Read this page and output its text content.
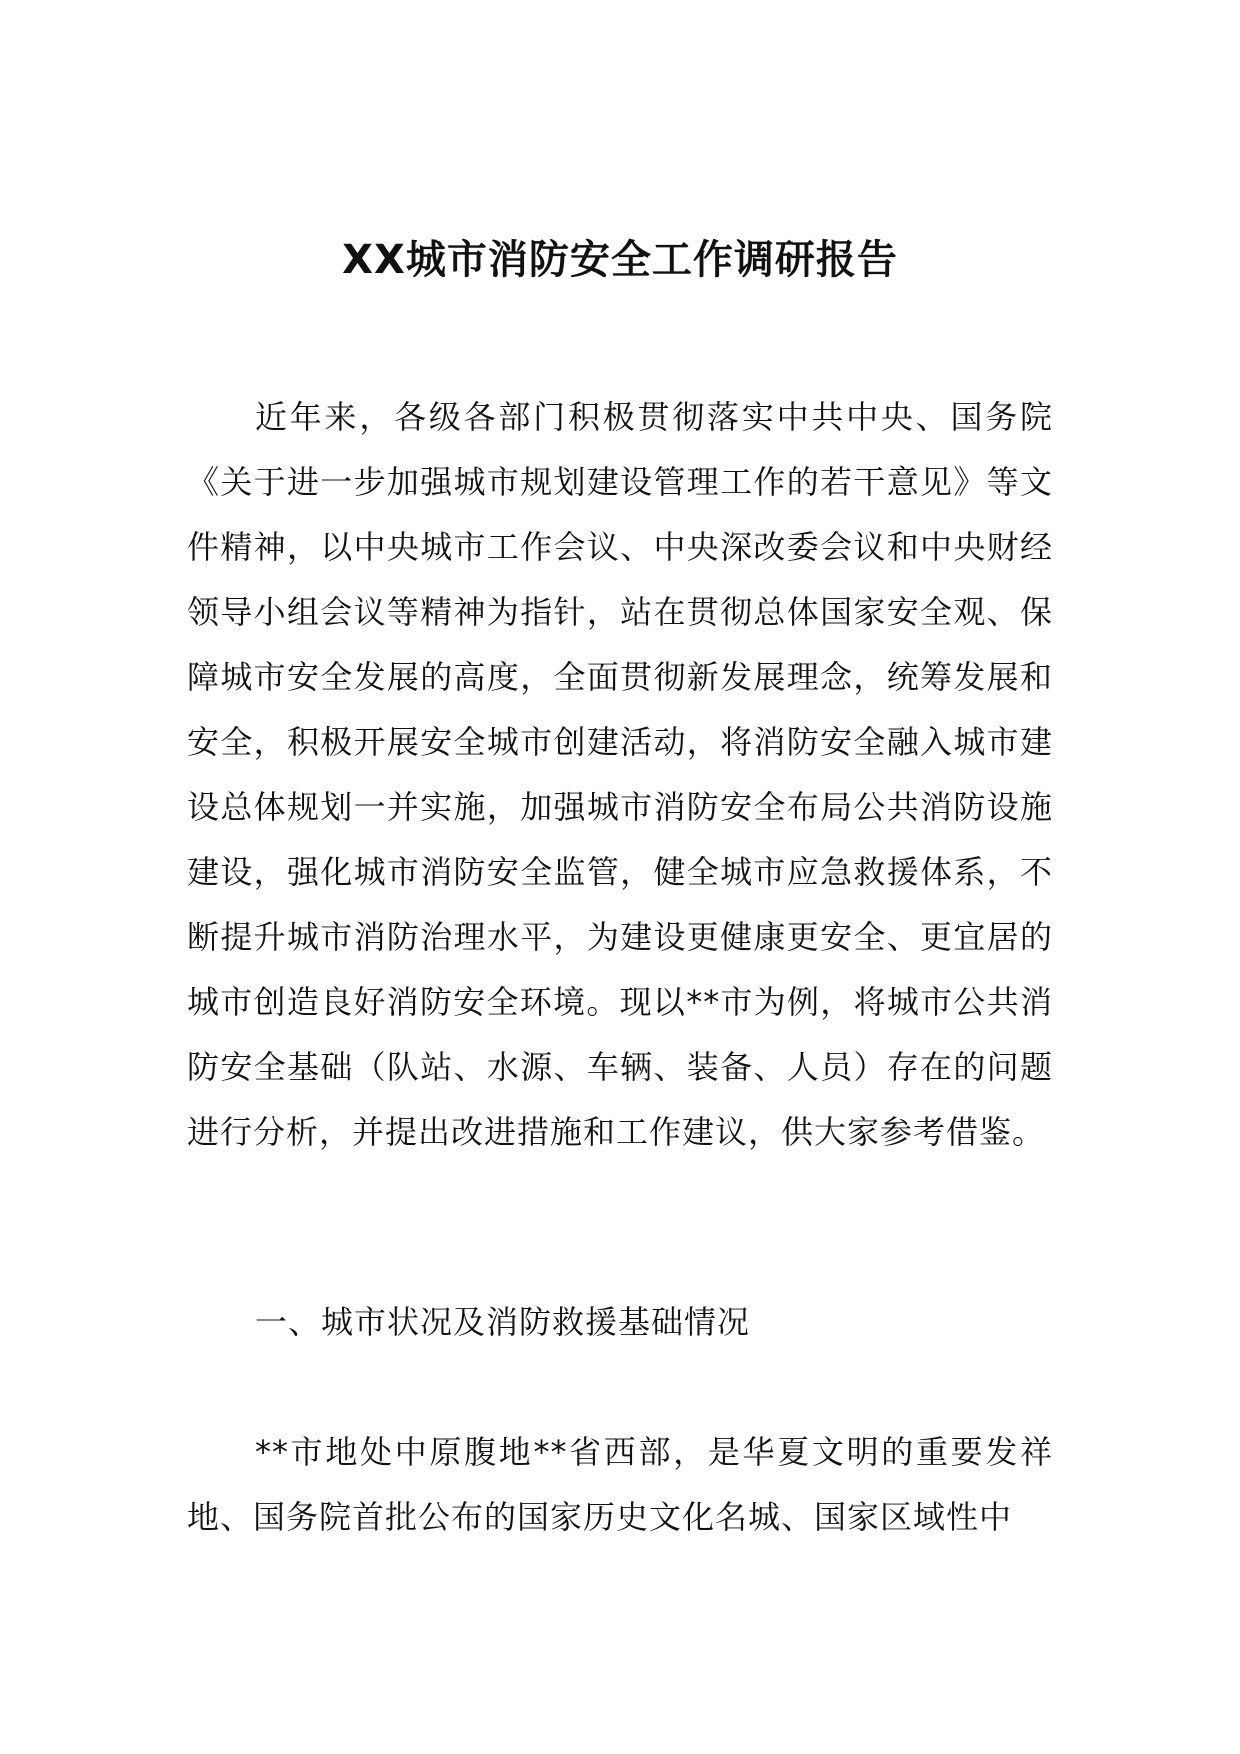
XX城市消防安全工作调研报告

近年来，各级各部门积极贯彻落实中共中央、国务院《关于进一步加强城市规划建设管理工作的若干意见》等文件精神，以中央城市工作会议、中央深改委会议和中央财经领导小组会议等精神为指针，站在贯彻总体国家安全观、保障城市安全发展的高度，全面贯彻新发展理念，统筹发展和安全，积极开展安全城市创建活动，将消防安全融入城市建设总体规划一并实施，加强城市消防安全布局公共消防设施建设，强化城市消防安全监管，健全城市应急救援体系，不断提升城市消防治理水平，为建设更健康更安全、更宜居的城市创造良好消防安全环境。现以**市为例，将城市公共消防安全基础（队站、水源、车辆、装备、人员）存在的问题进行分析，并提出改进措施和工作建议，供大家参考借鉴。

一、城市状况及消防救援基础情况

**市地处中原腹地**省西部，是华夏文明的重要发祥地、国务院首批公布的国家历史文化名城、国家区域性中
